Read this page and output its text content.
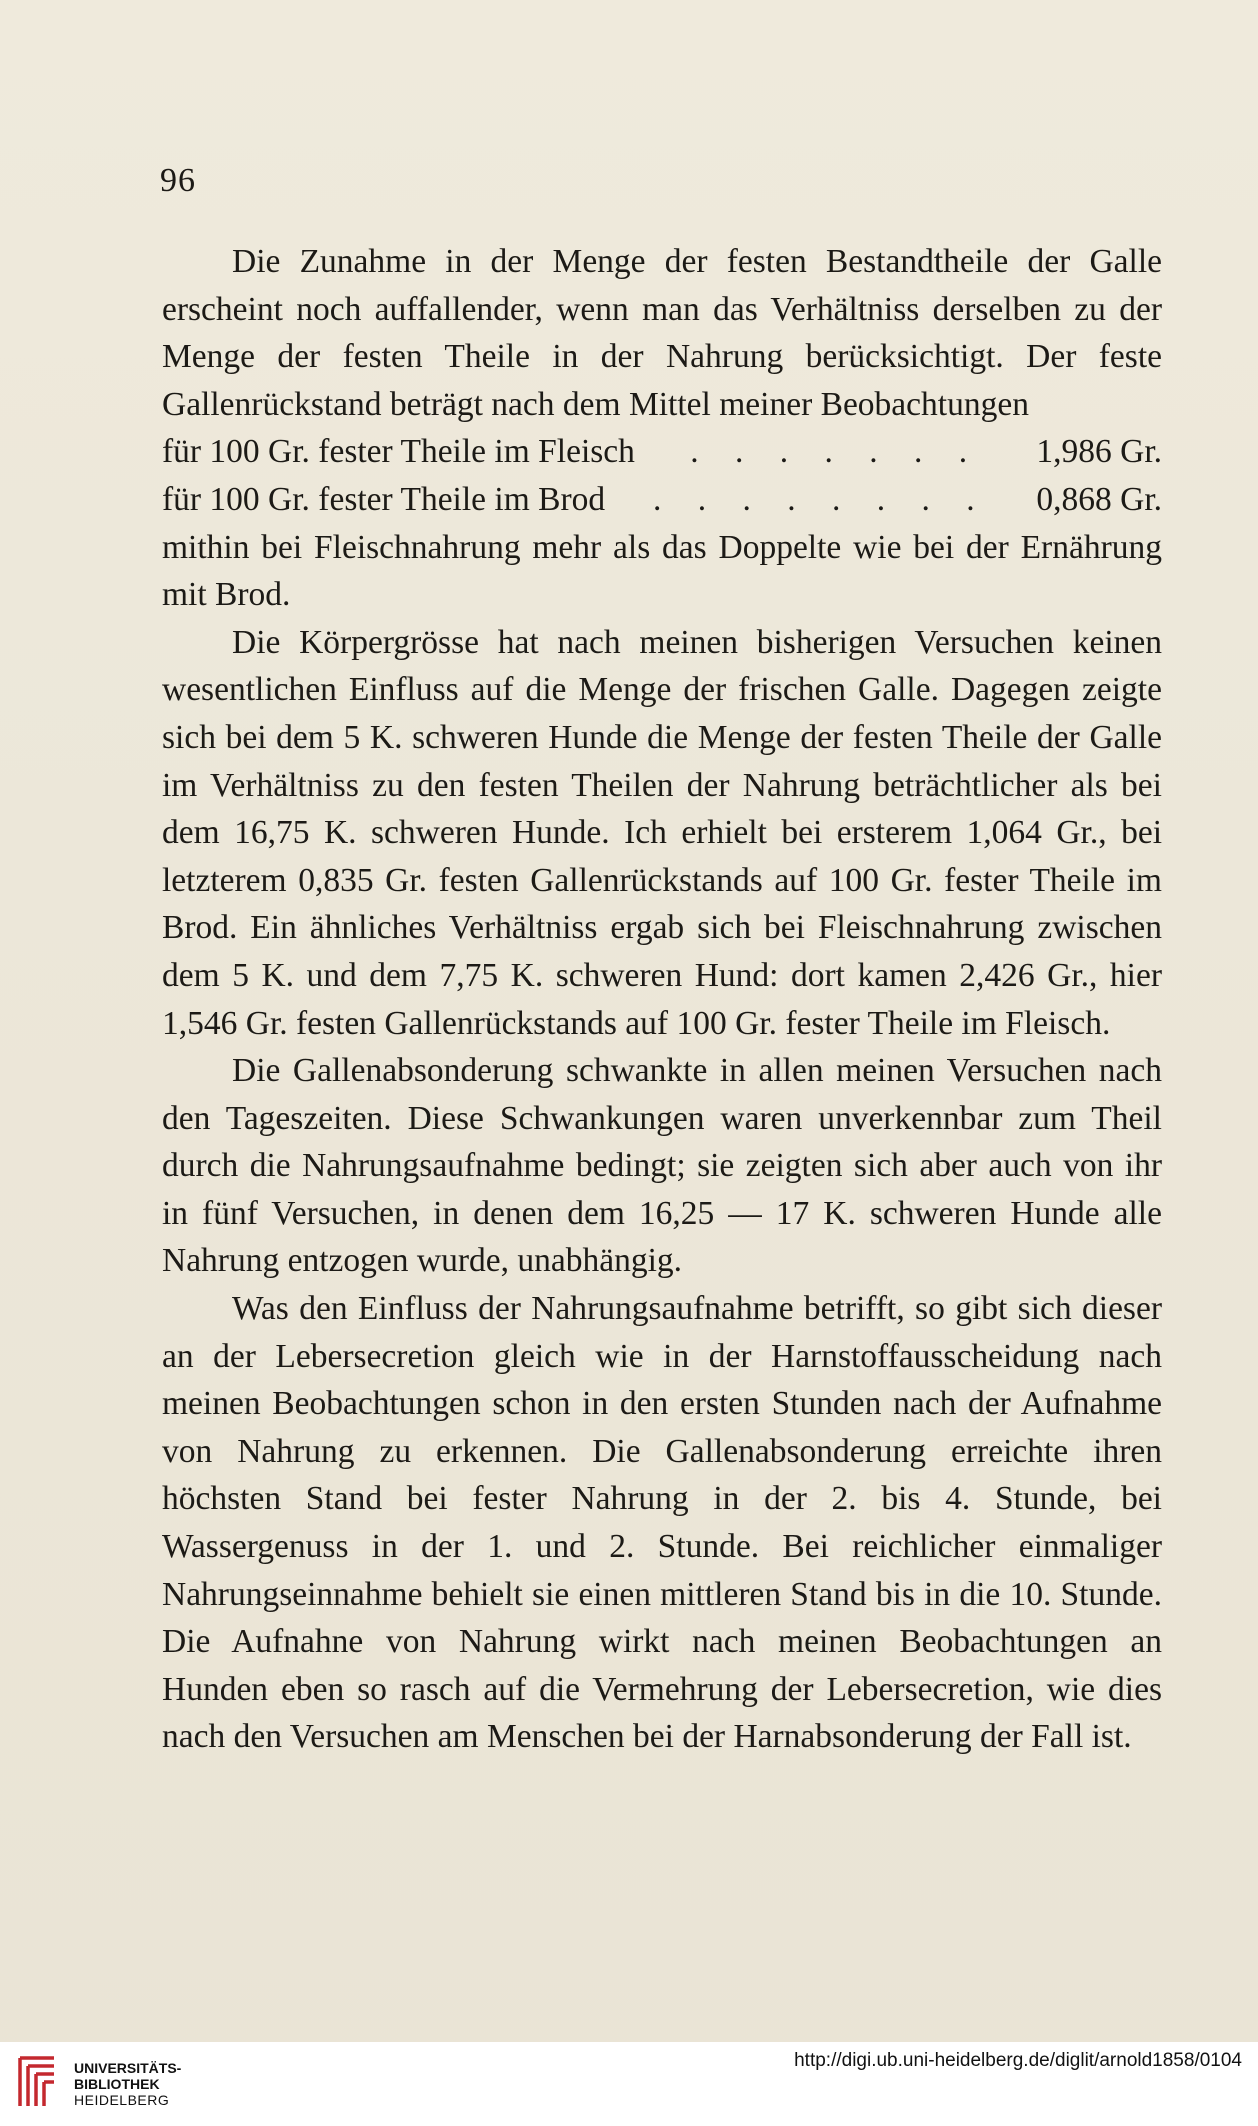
96

Die Zunahme in der Menge der festen Bestandtheile der Galle erscheint noch auffallender, wenn man das Verhältniss derselben zu der Menge der festen Theile in der Nahrung berücksichtigt. Der feste Gallenrückstand beträgt nach dem Mittel meiner Beobachtungen

für 100 Gr. fester Theile im Fleisch	. . . . . . .	1,986 Gr.
für 100 Gr. fester Theile im Brod	. . . . . . . .	0,868 Gr.

mithin bei Fleischnahrung mehr als das Doppelte wie bei der Ernährung mit Brod.

Die Körpergrösse hat nach meinen bisherigen Versuchen keinen wesentlichen Einfluss auf die Menge der frischen Galle. Dagegen zeigte sich bei dem 5 K. schweren Hunde die Menge der festen Theile der Galle im Verhältniss zu den festen Theilen der Nahrung beträchtlicher als bei dem 16,75 K. schweren Hunde. Ich erhielt bei ersterem 1,064 Gr., bei letzterem 0,835 Gr. festen Gallenrückstands auf 100 Gr. fester Theile im Brod. Ein ähnliches Verhältniss ergab sich bei Fleischnahrung zwischen dem 5 K. und dem 7,75 K. schweren Hund: dort kamen 2,426 Gr., hier 1,546 Gr. festen Gallenrückstands auf 100 Gr. fester Theile im Fleisch.

Die Gallenabsonderung schwankte in allen meinen Versuchen nach den Tageszeiten. Diese Schwankungen waren unverkennbar zum Theil durch die Nahrungsaufnahme bedingt; sie zeigten sich aber auch von ihr in fünf Versuchen, in denen dem 16,25 — 17 K. schweren Hunde alle Nahrung entzogen wurde, unabhängig.

Was den Einfluss der Nahrungsaufnahme betrifft, so gibt sich dieser an der Lebersecretion gleich wie in der Harnstoffausscheidung nach meinen Beobachtungen schon in den ersten Stunden nach der Aufnahme von Nahrung zu erkennen. Die Gallenabsonderung erreichte ihren höchsten Stand bei fester Nahrung in der 2. bis 4. Stunde, bei Wassergenuss in der 1. und 2. Stunde. Bei reichlicher einmaliger Nahrungseinnahme behielt sie einen mittleren Stand bis in die 10. Stunde. Die Aufnahne von Nahrung wirkt nach meinen Beobachtungen an Hunden eben so rasch auf die Vermehrung der Lebersecretion, wie dies nach den Versuchen am Menschen bei der Harnabsonderung der Fall ist.

UNIVERSITÄTS-
BIBLIOTHEK
HEIDELBERG
http://digi.ub.uni-heidelberg.de/diglit/arnold1858/0104
